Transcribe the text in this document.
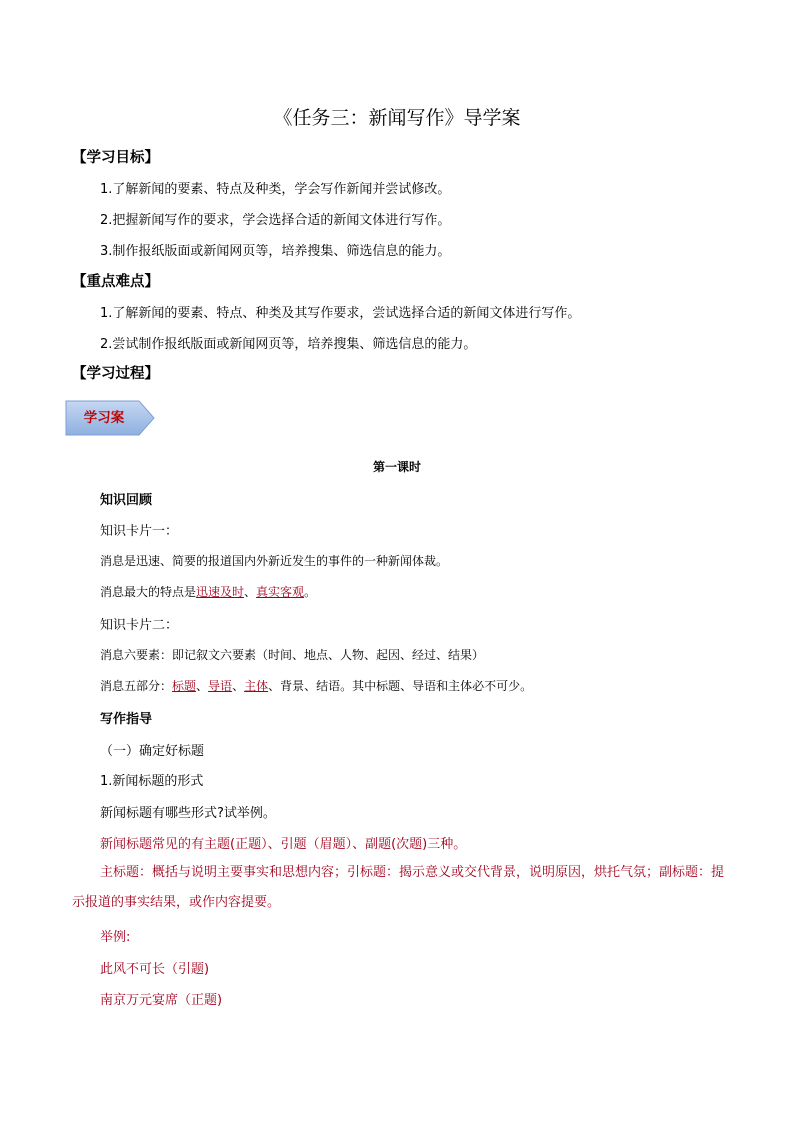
《任务三：新闻写作》导学案
【学习目标】
1.了解新闻的要素、特点及种类，学会写作新闻并尝试修改。
2.把握新闻写作的要求，学会选择合适的新闻文体进行写作。
3.制作报纸版面或新闻网页等，培养搜集、筛选信息的能力。
【重点难点】
1.了解新闻的要素、特点、种类及其写作要求，尝试选择合适的新闻文体进行写作。
2.尝试制作报纸版面或新闻网页等，培养搜集、筛选信息的能力。
【学习过程】
学习案
第一课时
知识回顾
知识卡片一：
消息是迅速、简要的报道国内外新近发生的事件的一种新闻体裁。
消息最大的特点是迅速及时、真实客观。
知识卡片二：
消息六要素：即记叙文六要素（时间、地点、人物、起因、经过、结果）
消息五部分：标题、导语、主体、背景、结语。其中标题、导语和主体必不可少。
写作指导
（一）确定好标题
1.新闻标题的形式
新闻标题有哪些形式?试举例。
新闻标题常见的有主题(正题）、引题（眉题）、副题(次题)三种。
主标题：概括与说明主要事实和思想内容；引标题：揭示意义或交代背景，说明原因，烘托气氛；副标题：提示报道的事实结果，或作内容提要。
举例:
此风不可长（引题)
南京万元宴席（正题)
